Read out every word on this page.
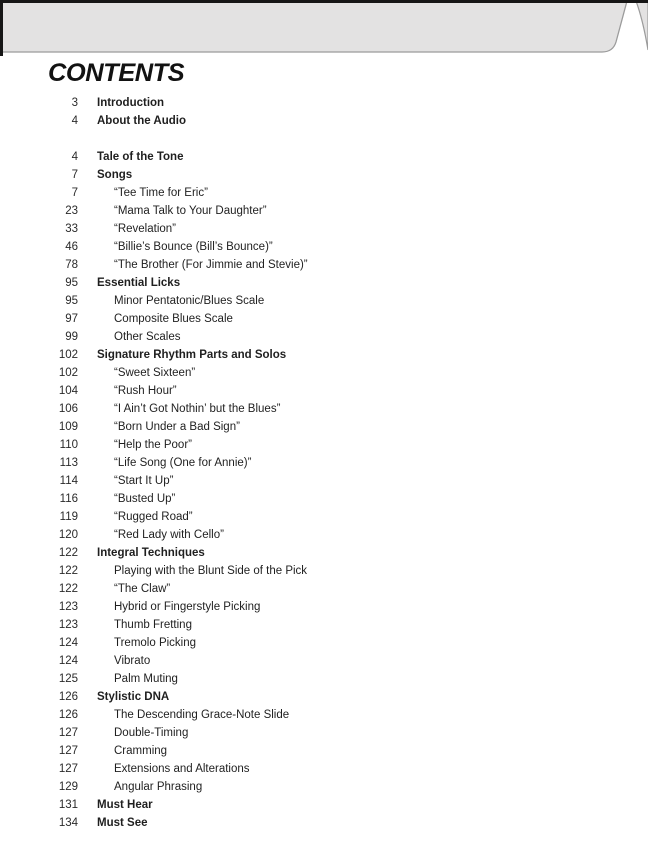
CONTENTS
3	Introduction
4	About the Audio
4	Tale of the Tone
7	Songs
7	“Tee Time for Eric”
23	“Mama Talk to Your Daughter”
33	“Revelation”
46	“Billie’s Bounce (Bill’s Bounce)”
78	“The Brother (For Jimmie and Stevie)”
95	Essential Licks
95	Minor Pentatonic/Blues Scale
97	Composite Blues Scale
99	Other Scales
102	Signature Rhythm Parts and Solos
102	“Sweet Sixteen”
104	“Rush Hour”
106	“I Ain’t Got Nothin’ but the Blues”
109	“Born Under a Bad Sign”
110	“Help the Poor”
113	“Life Song (One for Annie)”
114	“Start It Up”
116	“Busted Up”
119	“Rugged Road”
120	“Red Lady with Cello”
122	Integral Techniques
122	Playing with the Blunt Side of the Pick
122	“The Claw”
123	Hybrid or Fingerstyle Picking
123	Thumb Fretting
124	Tremolo Picking
124	Vibrato
125	Palm Muting
126	Stylistic DNA
126	The Descending Grace-Note Slide
127	Double-Timing
127	Cramming
127	Extensions and Alterations
129	Angular Phrasing
131	Must Hear
134	Must See
